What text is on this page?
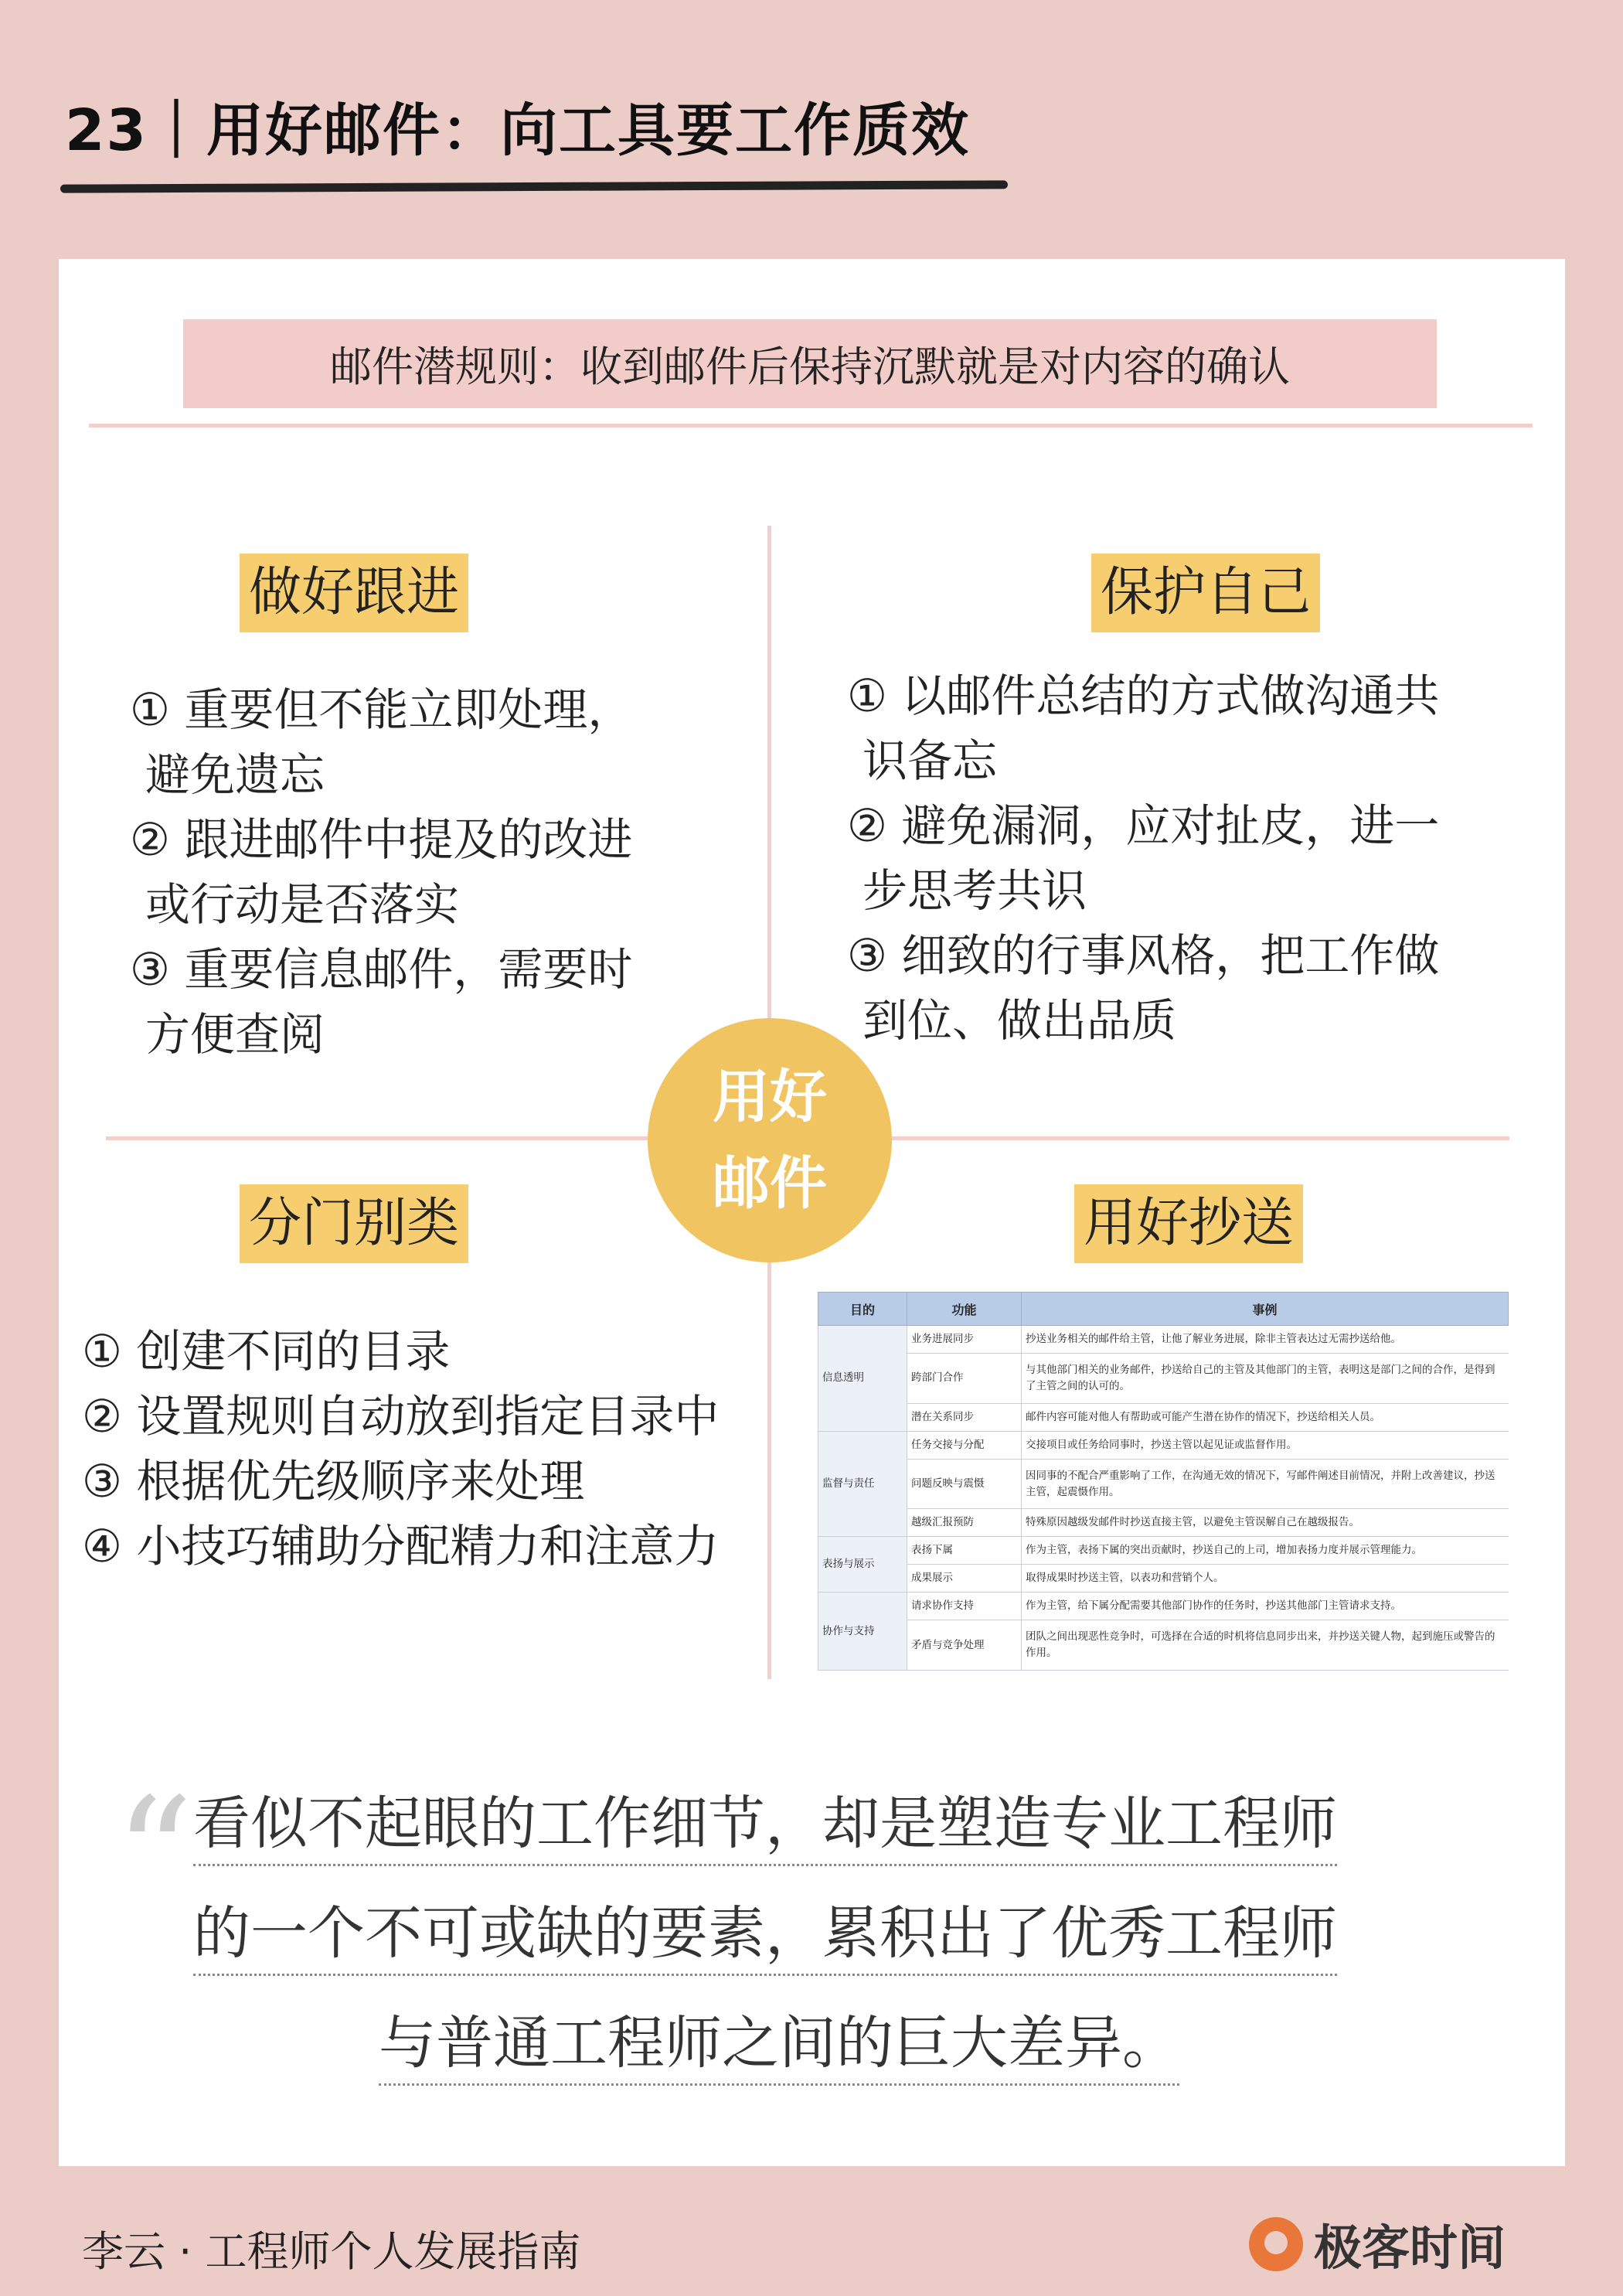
23｜用好邮件：向工具要工作质效
邮件潜规则：收到邮件后保持沉默就是对内容的确认
做好跟进
① 重要但不能立即处理，
避免遗忘
② 跟进邮件中提及的改进
或行动是否落实
③ 重要信息邮件，需要时
方便查阅
保护自己
① 以邮件总结的方式做沟通共
识备忘
② 避免漏洞，应对扯皮，进一
步思考共识
③ 细致的行事风格，把工作做
到位、做出品质
用好邮件
分门别类
① 创建不同的目录
② 设置规则自动放到指定目录中
③ 根据优先级顺序来处理
④ 小技巧辅助分配精力和注意力
用好抄送
目的	功能	事例
信息透明	业务进展同步	抄送业务相关的邮件给主管，让他了解业务进展，除非主管表达过无需抄送给他。
	跨部门合作	与其他部门相关的业务邮件，抄送给自己的主管及其他部门的主管，表明这是部门之间的合作，是得到了主管之间的认可的。
	潜在关系同步	邮件内容可能对他人有帮助或可能产生潜在协作的情况下，抄送给相关人员。
监督与责任	任务交接与分配	交接项目或任务给同事时，抄送主管以起见证或监督作用。
	问题反映与震慑	因同事的不配合严重影响了工作，在沟通无效的情况下，写邮件阐述目前情况，并附上改善建议，抄送主管，起震慑作用。
	越级汇报预防	特殊原因越级发邮件时抄送直接主管，以避免主管误解自己在越级报告。
表扬与展示	表扬下属	作为主管，表扬下属的突出贡献时，抄送自己的上司，增加表扬力度并展示管理能力。
	成果展示	取得成果时抄送主管，以表功和营销个人。
协作与支持	请求协作支持	作为主管，给下属分配需要其他部门协作的任务时，抄送其他部门主管请求支持。
	矛盾与竞争处理	团队之间出现恶性竞争时，可选择在合适的时机将信息同步出来，并抄送关键人物，起到施压或警告的作用。
“ 看似不起眼的工作细节，却是塑造专业工程师
的一个不可或缺的要素，累积出了优秀工程师
与普通工程师之间的巨大差异。
李云 · 工程师个人发展指南	极客时间
